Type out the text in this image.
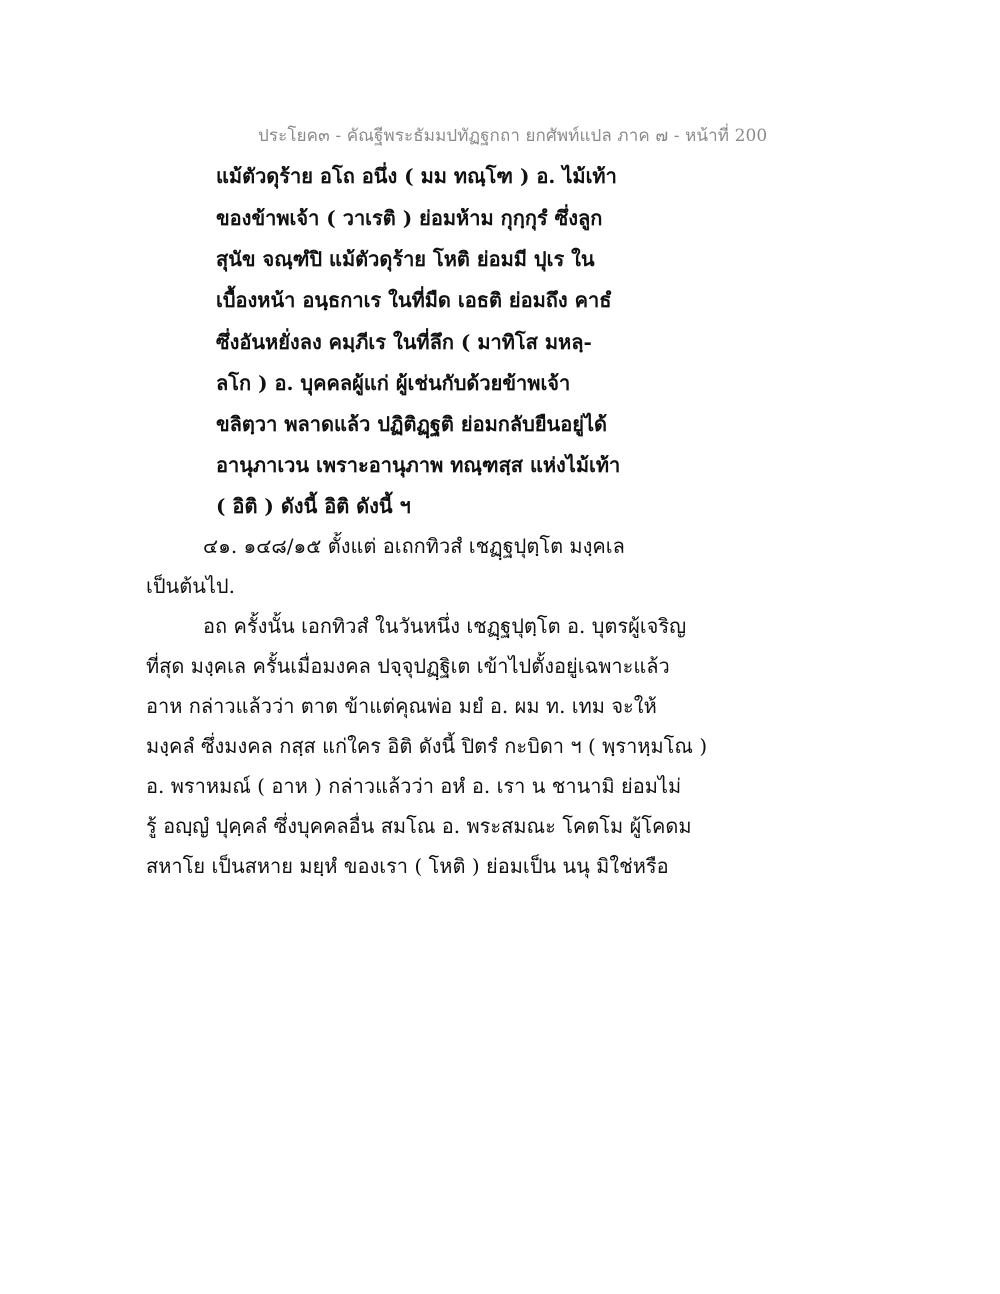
ประโยค๓ - คัณฐีพระธัมมปทัฏฐกถา ยกศัพท์แปล ภาค ๗ - หน้าที่ 200
แม้ตัวดุร้าย อโถ อนึ่ง ( มม ทณฺโฑ ) อ. ไม้เท้า
ของข้าพเจ้า ( วาเรติ ) ย่อมห้าม กุกฺกุรํ ซึ่งลูก
สุนัข จณฺฑํปิ แม้ตัวดุร้าย โหติ ย่อมมี ปุเร ใน
เบื้องหน้า อนฺธกาเร ในที่มืด เอธติ ย่อมถึง คาธํ
ซึ่งอันหยั่งลง คมฺภีเร ในที่ลึก ( มาทิโส มหลฺ-
ลโก ) อ. บุคคลผู้แก่ ผู้เช่นกับด้วยข้าพเจ้า
ขลิตฺวา พลาดแล้ว ปฏิติฏฺฐติ ย่อมกลับยืนอยู่ได้
อานุภาเวน เพราะอานุภาพ ทณฺฑสฺส แห่งไม้เท้า
( อิติ ) ดังนี้ อิติ ดังนี้ ฯ
๔๑. ๑๔๘/๑๕ ตั้งแต่ อเถกทิวสํ เชฏฺฐปุตฺโต มงฺคเล
เป็นต้นไป.
อถ ครั้งนั้น เอกทิวสํ ในวันหนึ่ง เชฏฺฐปุตฺโต อ. บุตรผู้เจริญ
ที่สุด มงฺคเล ครั้นเมื่อมงคล ปจฺจุปฏฺฐิเต เข้าไปตั้งอยู่เฉพาะแล้ว
อาห กล่าวแล้วว่า ตาต ข้าแต่คุณพ่อ มยํ อ. ผม ท. เทม จะให้
มงฺคลํ ซึ่งมงคล กสฺส แก่ใคร อิติ ดังนี้ ปิตรํ กะบิดา ฯ ( พฺราหฺมโณ )
อ. พราหมณ์ ( อาห ) กล่าวแล้วว่า อหํ อ. เรา น ชานามิ ย่อมไม่
รู้ อญฺญํ ปุคฺคลํ ซึ่งบุคคลอื่น สมโณ อ. พระสมณะ โคตโม ผู้โคดม
สหาโย เป็นสหาย มยฺหํ ของเรา ( โหติ ) ย่อมเป็น นนุ มิใช่หรือ
